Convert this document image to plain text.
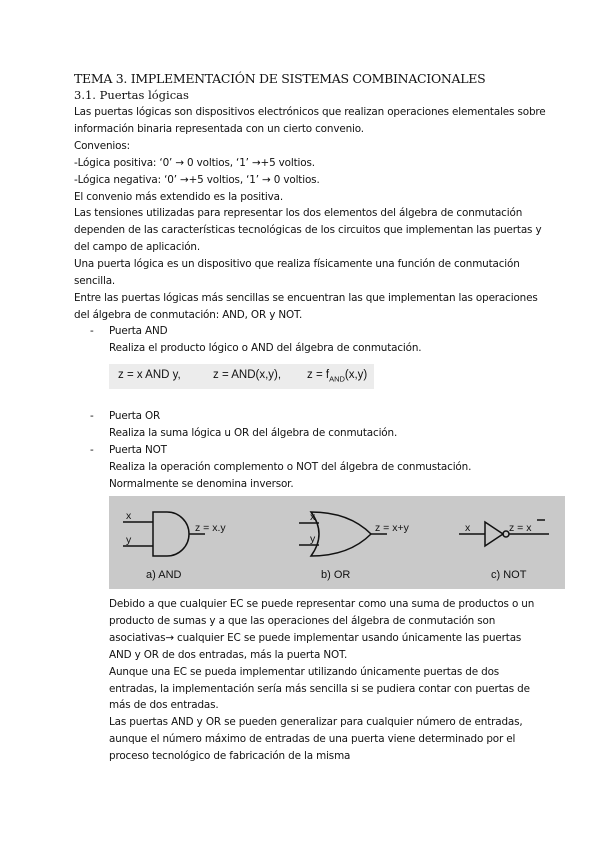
TEMA 3. IMPLEMENTACIÓN DE SISTEMAS COMBINACIONALES
3.1. Puertas lógicas
Las puertas lógicas son dispositivos electrónicos que realizan operaciones elementales sobre
información binaria representada con un cierto convenio.
Convenios:
-Lógica positiva: ‘0’ → 0 voltios, ‘1’ →+5 voltios.
-Lógica negativa: ‘0’ →+5 voltios, ‘1’ → 0 voltios.
El convenio más extendido es la positiva.
Las tensiones utilizadas para representar los dos elementos del álgebra de conmutación
dependen de las características tecnológicas de los circuitos que implementan las puertas y
del campo de aplicación.
Una puerta lógica es un dispositivo que realiza físicamente una función de conmutación
sencilla.
Entre las puertas lógicas más sencillas se encuentran las que implementan las operaciones
del álgebra de conmutación: AND, OR y NOT.
- Puerta AND
Realiza el producto lógico o AND del álgebra de conmutación.
z = x AND y,	z = AND(x,y), $z = f_{AND}(x,y)$
- Puerta OR
Realiza la suma lógica u OR del álgebra de conmutación.
- Puerta NOT
Realiza la operación complemento o NOT del álgebra de conmustación.
Normalmente se denomina inversor.
x
y
z = x.y
a) AND
x
y
z = x+y
b) OR
x	z = x
c) NOT
Debido a que cualquier EC se puede representar como una suma de productos o un
producto de sumas y a que las operaciones del álgebra de conmutación son
asociativas→ cualquier EC se puede implementar usando únicamente las puertas
AND y OR de dos entradas, más la puerta NOT.
Aunque una EC se pueda implementar utilizando únicamente puertas de dos
entradas, la implementación sería más sencilla si se pudiera contar con puertas de
más de dos entradas.
Las puertas AND y OR se pueden generalizar para cualquier número de entradas,
aunque el número máximo de entradas de una puerta viene determinado por el
proceso tecnológico de fabricación de la misma
